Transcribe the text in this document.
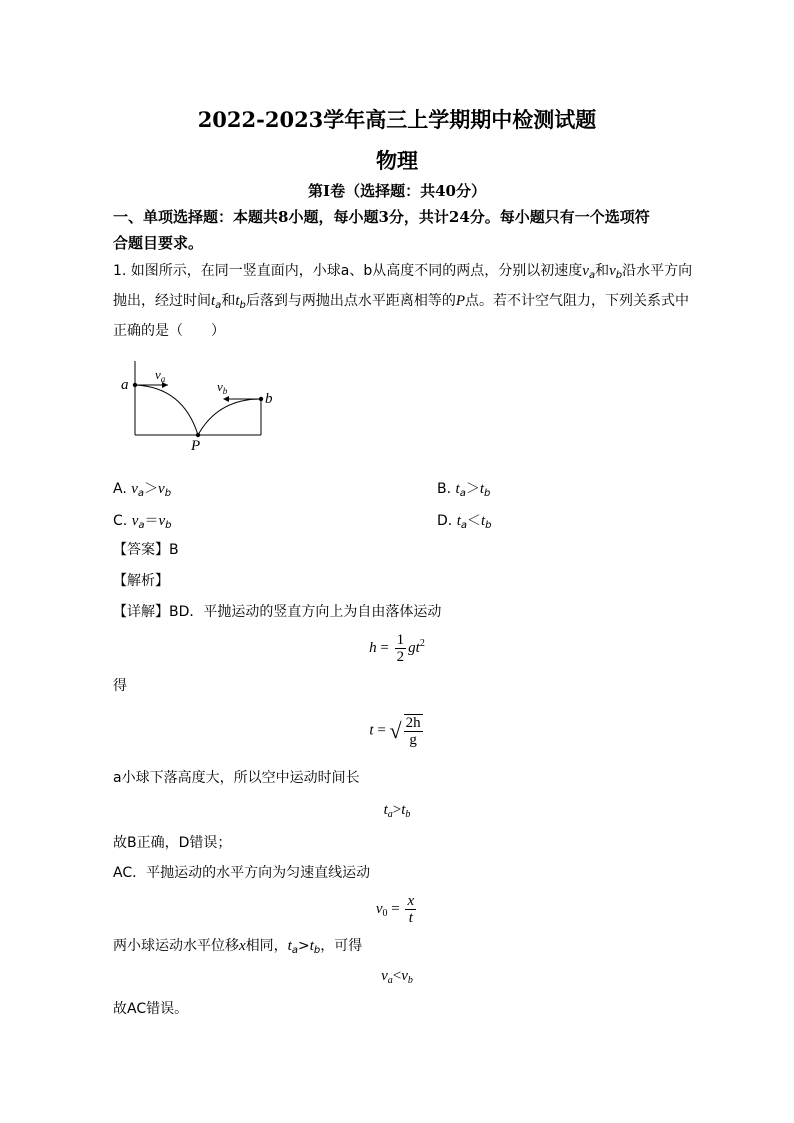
2022-2023学年高三上学期期中检测试题
物理
第Ⅰ卷（选择题：共40分）
一、单项选择题：本题共8小题，每小题3分，共计24分。每小题只有一个选项符
合题目要求。
1. 如图所示，在同一竖直面内，小球a、b从高度不同的两点，分别以初速度$v_a$和$v_b$沿水平方向
抛出，经过时间$t_a$和$t_b$后落到与两抛出点水平距离相等的P点。若不计空气阻力，下列关系式中
正确的是（　　）
a
b
$v_a$	$v_b$
P
A. $v_a>v_b$	B. $t_a>t_b$
C. $v_a=v_b$	D. $t_a<t_b$
【答案】B
【解析】
【详解】BD．平抛运动的竖直方向上为自由落体运动
$h = \frac{1}{2} gt^2$
得
t = √ $\frac{2h}{g}$
a小球下落高度大，所以空中运动时间长
$t_a>t_b$
故B正确，D错误；
AC．平抛运动的水平方向为匀速直线运动
$v_0 = \frac{x}{t}$
两小球运动水平位移x相同，$t_a>t_b$，可得
$v_a<v_b$
故AC错误。
